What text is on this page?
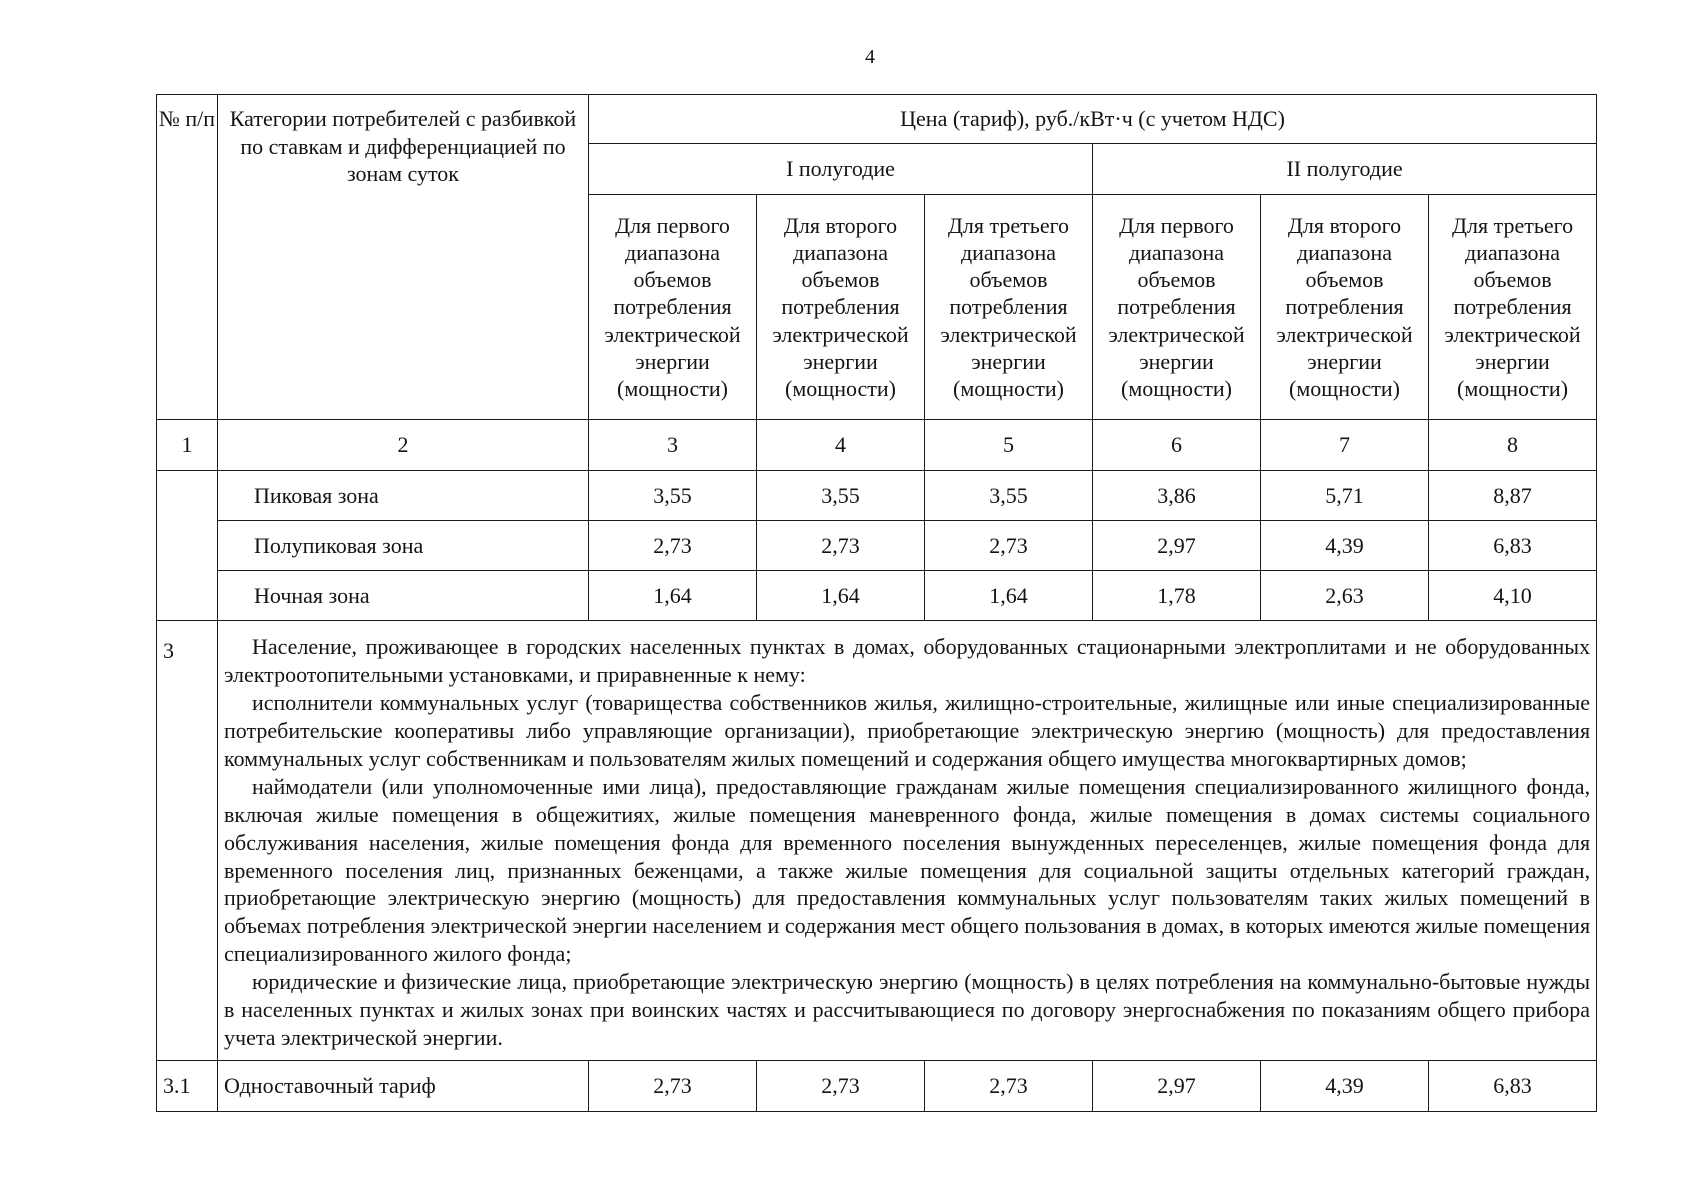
4
№ п/п	Категории потребителей с разбивкой по ставкам и дифференциацией по зонам суток	Цена (тариф), руб./кВт·ч (с учетом НДС)					
		I полугодие			II полугодие		
		Для первого диапазона объемов потребления электрической энергии (мощности)	Для второго диапазона объемов потребления электрической энергии (мощности)	Для третьего диапазона объемов потребления электрической энергии (мощности)	Для первого диапазона объемов потребления электрической энергии (мощности)	Для второго диапазона объемов потребления электрической энергии (мощности)	Для третьего диапазона объемов потребления электрической энергии (мощности)
1	2	3	4	5	6	7	8
	Пиковая зона	3,55	3,55	3,55	3,86	5,71	8,87
	Полупиковая зона	2,73	2,73	2,73	2,97	4,39	6,83
	Ночная зона	1,64	1,64	1,64	1,78	2,63	4,10
3	Население, проживающее в городских населенных пунктах в домах, оборудованных стационарными электроплитами и не оборудованных электроотопительными установками, и приравненные к нему:

исполнители коммунальных услуг (товарищества собственников жилья, жилищно-строительные, жилищные или иные специализированные потребительские кооперативы либо управляющие организации), приобретающие электрическую энергию (мощность) для предоставления коммунальных услуг собственникам и пользователям жилых помещений и содержания общего имущества многоквартирных домов;

наймодатели (или уполномоченные ими лица), предоставляющие гражданам жилые помещения специализированного жилищного фонда, включая жилые помещения в общежитиях, жилые помещения маневренного фонда, жилые помещения в домах системы социального обслуживания населения, жилые помещения фонда для временного поселения вынужденных переселенцев, жилые помещения фонда для временного поселения лиц, признанных беженцами, а также жилые помещения для социальной защиты отдельных категорий граждан, приобретающие электрическую энергию (мощность) для предоставления коммунальных услуг пользователям таких жилых помещений в объемах потребления электрической энергии населением и содержания мест общего пользования в домах, в которых имеются жилые помещения специализированного жилого фонда;

юридические и физические лица, приобретающие электрическую энергию (мощность) в целях потребления на коммунально-бытовые нужды в населенных пунктах и жилых зонах при воинских частях и рассчитывающиеся по договору энергоснабжения по показаниям общего прибора учета электрической энергии.						

3.1	Одноставочный тариф	2,73	2,73	2,73	2,97	4,39	6,83
